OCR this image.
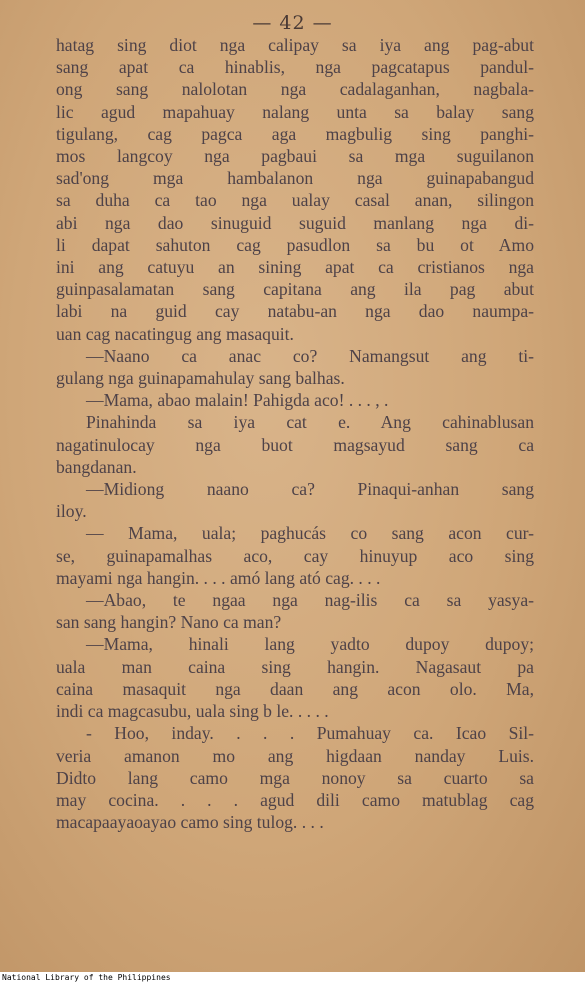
— 42 —
hatag sing diot nga calipay sa iya ang pag-abut
sang apat ca hinablis, nga pagcatapus pandul-
ong sang nalolotan nga cadalaganhan, nagbala-
lic agud mapahuay nalang unta sa balay sang
tigulang, cag pagca aga magbulig sing panghi-
mos langcoy nga pagbaui sa mga suguilanon
sad'ong mga hambalanon nga guinapabangud
sa duha ca tao nga ualay casal anan, silingon
abi nga dao sinuguid suguid manlang nga di-
li dapat sahuton cag pasudlon sa bu ot Amo
ini ang catuyu an sining apat ca cristianos nga
guinpasalamatan sang capitana ang ila pag abut
labi na guid cay natabu-an nga dao naumpa-
uan cag nacatingug ang masaquit.
—Naano ca anac co? Namangsut ang ti-
gulang nga guinapamahulay sang balhas.
—Mama, abao malain! Pahigda aco! . . . , .
Pinahinda sa iya cat e. Ang cahinablusan
nagatinulocay nga buot magsayud sang ca
bangdanan.
—Midiong naano ca? Pinaqui-anhan sang
iloy.
— Mama, uala; paghucás co sang acon cur-
se, guinapamalhas aco, cay hinuyup aco sing
mayami nga hangin. . . . amó lang ató cag. . . .
—Abao, te ngaa nga nag-ilis ca sa yasya-
san sang hangin? Nano ca man?
—Mama, hinali lang yadto dupoy dupoy;
uala man caina sing hangin. Nagasaut pa
caina masaquit nga daan ang acon olo. Ma,
indi ca magcasubu, uala sing b le. . . . .
- Hoo, inday. . . . Pumahuay ca. Icao Sil-
veria amanon mo ang higdaan nanday Luis.
Didto lang camo mga nonoy sa cuarto sa
may cocina. . . . agud dili camo matublag cag
macapaayaoayao camo sing tulog. . . .
National Library of the Philippines
